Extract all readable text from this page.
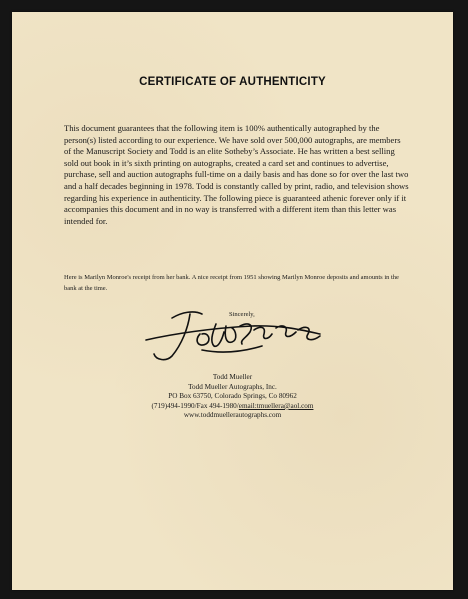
CERTIFICATE OF AUTHENTICITY

This document guarantees that the following item is 100% authentically autographed by the person(s) listed according to our experience. We have sold over 500,000 autographs, are members of the Manuscript Society and Todd is an elite Sotheby’s Associate. He has written a best selling sold out book in it’s sixth printing on autographs, created a card set and continues to advertise, purchase, sell and auction autographs full-time on a daily basis and has done so for over the last two and a half decades beginning in 1978. Todd is constantly called by print, radio, and television shows regarding his experience in authenticity. The following piece is guaranteed athenic forever only if it accompanies this document and in no way is transferred with a different item than this letter was intended for.

Here is Marilyn Monroe's receipt from her bank. A nice receipt from 1951 showing Marilyn Monroe deposits and amounts in the bank at the time.

Sincerely,
Todd Mueller
Todd Mueller Autographs, Inc.
PO Box 63750, Colorado Springs, Co 80962
(719)494-1990/Fax 494-1980/email:tmuellera@aol.com
www.toddmuellerautographs.com
